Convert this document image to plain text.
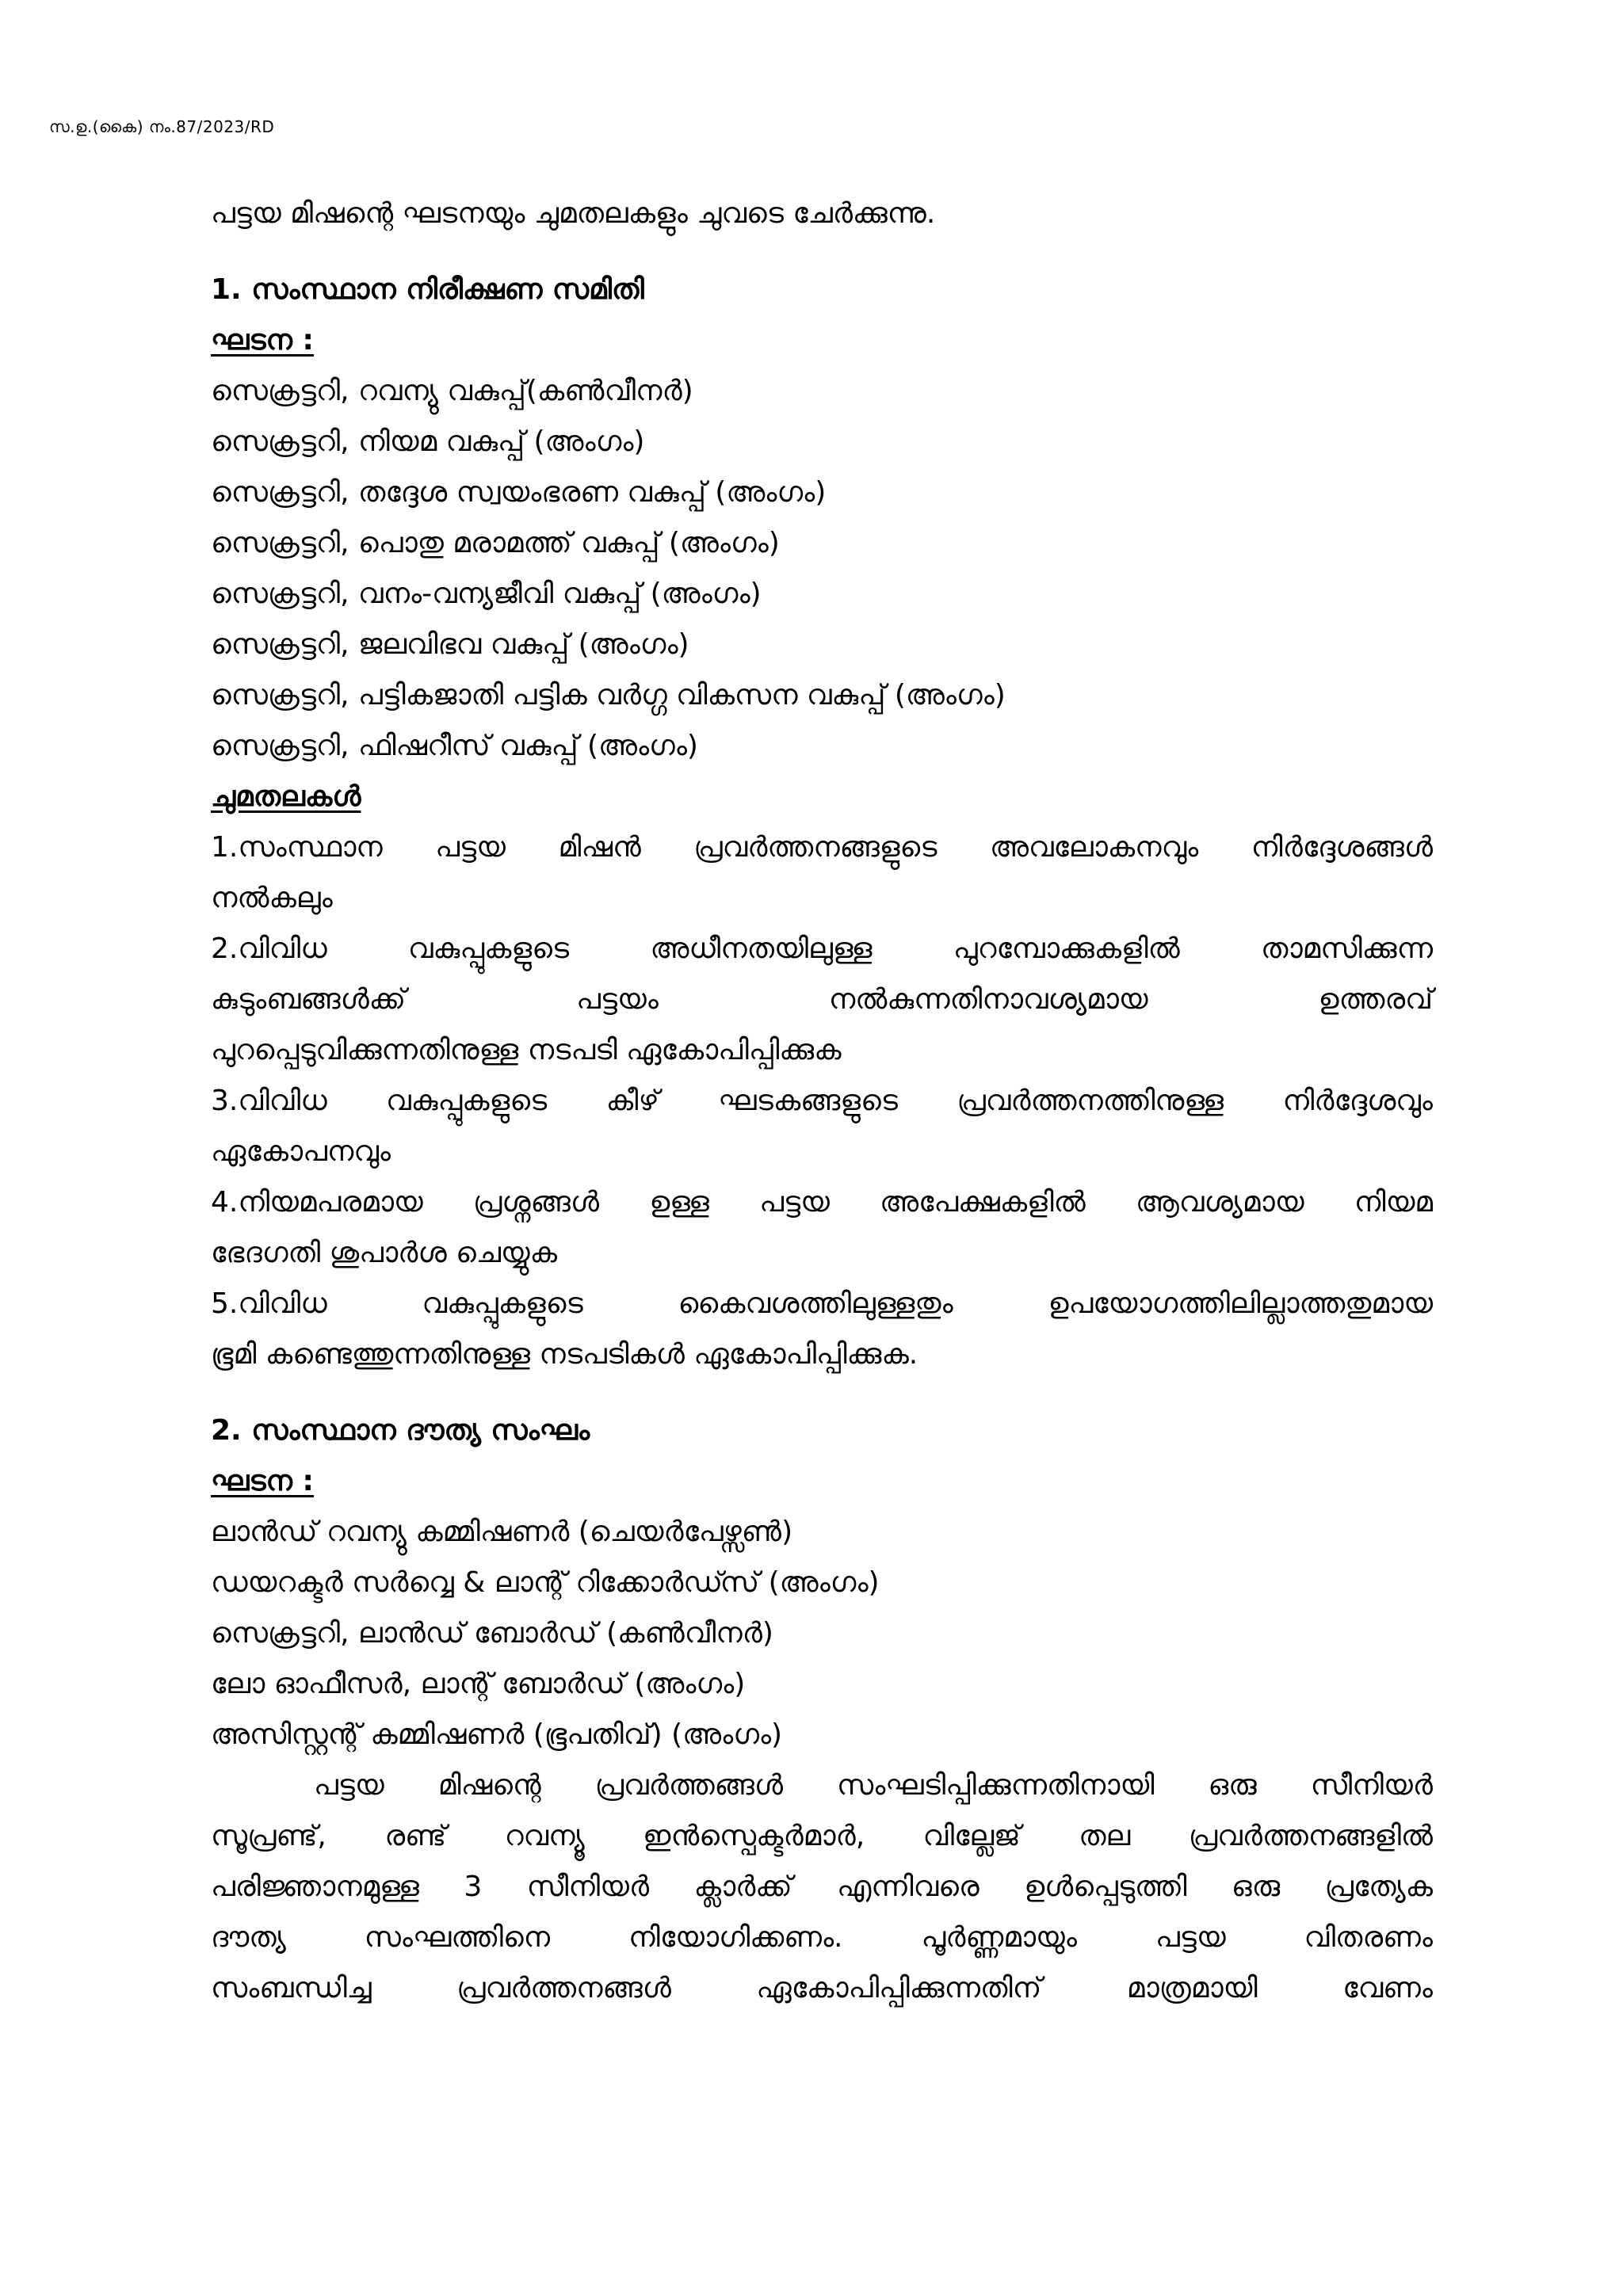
സ.ഉ.(കൈ) നം.87/2023/RD
പട്ടയ മിഷന്റെ ഘടനയും ചുമതലകളും ചുവടെ ചേർക്കുന്നു.
1. സംസ്ഥാന നിരീക്ഷണ സമിതി
ഘടന :
സെക്രട്ടറി, റവന്യു വകുപ്പ്(കൺവീനർ)
സെക്രട്ടറി, നിയമ വകുപ്പ് (അംഗം)
സെക്രട്ടറി, തദ്ദേശ സ്വയംഭരണ വകുപ്പ് (അംഗം)
സെക്രട്ടറി, പൊതു മരാമത്ത് വകുപ്പ് (അംഗം)
സെക്രട്ടറി, വനം-വന്യജീവി വകുപ്പ് (അംഗം)
സെക്രട്ടറി, ജലവിഭവ വകുപ്പ് (അംഗം)
സെക്രട്ടറി, പട്ടികജാതി പട്ടിക വർഗ്ഗ വികസന വകുപ്പ് (അംഗം)
സെക്രട്ടറി, ഫിഷറീസ് വകുപ്പ് (അംഗം)
ചുമതലകൾ
1.സംസ്ഥാന പട്ടയ മിഷൻ പ്രവർത്തനങ്ങളുടെ അവലോകനവും നിർദ്ദേശങ്ങൾ
നൽകലും
2.വിവിധ വകുപ്പുകളുടെ അധീനതയിലുള്ള പുറമ്പോക്കുകളിൽ താമസിക്കുന്ന
കുടുംബങ്ങൾക്ക് പട്ടയം നൽകുന്നതിനാവശ്യമായ ഉത്തരവ്
പുറപ്പെടുവിക്കുന്നതിനുള്ള നടപടി ഏകോപിപ്പിക്കുക
3.വിവിധ വകുപ്പുകളുടെ കീഴ് ഘടകങ്ങളുടെ പ്രവർത്തനത്തിനുള്ള നിർദ്ദേശവും
ഏകോപനവും
4.നിയമപരമായ പ്രശ്നങ്ങൾ ഉള്ള പട്ടയ അപേക്ഷകളിൽ ആവശ്യമായ നിയമ
ഭേദഗതി ശുപാർശ ചെയ്യുക
5.വിവിധ വകുപ്പുകളുടെ കൈവശത്തിലുള്ളതും ഉപയോഗത്തിലില്ലാത്തതുമായ
ഭൂമി കണ്ടെത്തുന്നതിനുള്ള നടപടികൾ ഏകോപിപ്പിക്കുക.
2. സംസ്ഥാന ദൗത്യ സംഘം
ഘടന :
ലാൻഡ് റവന്യു കമ്മിഷണർ (ചെയർപേഴ്സൺ)
ഡയറക്ടർ സർവ്വെ & ലാന്റ് റിക്കോർഡ്സ് (അംഗം)
സെക്രട്ടറി, ലാൻഡ് ബോർഡ് (കൺവീനർ)
ലോ ഓഫീസർ, ലാന്റ് ബോർഡ് (അംഗം)
അസിസ്റ്റന്റ് കമ്മിഷണർ (ഭൂപതിവ്) (അംഗം)
പട്ടയ മിഷന്റെ പ്രവർത്തങ്ങൾ സംഘടിപ്പിക്കുന്നതിനായി ഒരു സീനിയർ
സൂപ്രണ്ട്, രണ്ട് റവന്യൂ ഇൻസ്പെക്ടർമാർ, വില്ലേജ് തല പ്രവർത്തനങ്ങളിൽ
പരിജ്ഞാനമുള്ള 3 സീനിയർ ക്ലാർക്ക് എന്നിവരെ ഉൾപ്പെടുത്തി ഒരു പ്രത്യേക
ദൗത്യ സംഘത്തിനെ നിയോഗിക്കണം. പൂർണ്ണമായും പട്ടയ വിതരണം
സംബന്ധിച്ച പ്രവർത്തനങ്ങൾ ഏകോപിപ്പിക്കുന്നതിന് മാത്രമായി വേണം
